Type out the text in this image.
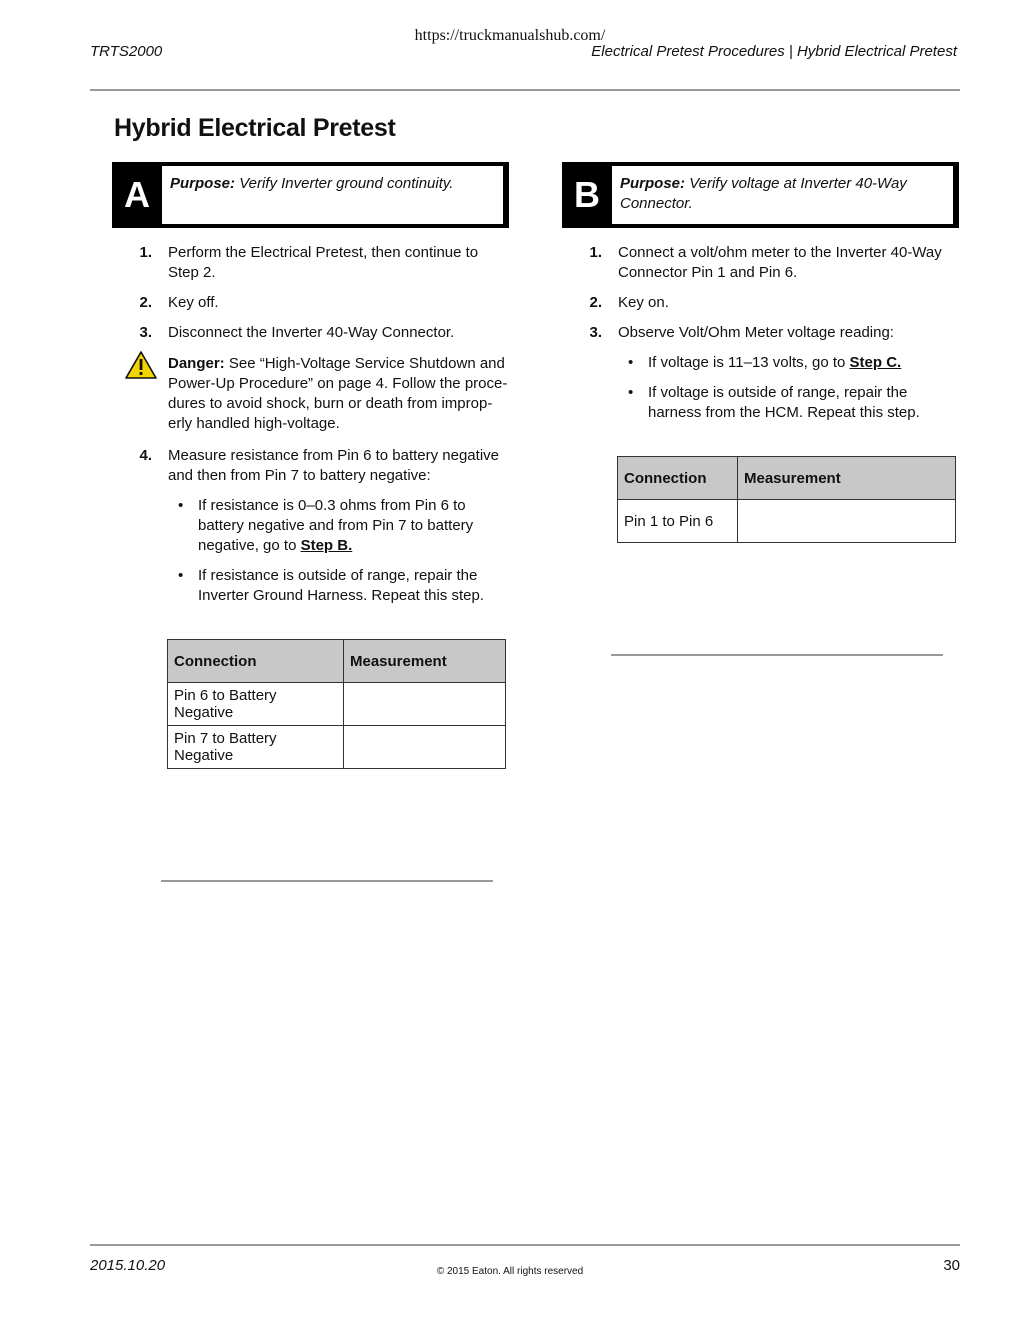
https://truckmanualshub.com/
TRTS2000	Electrical Pretest Procedures | Hybrid Electrical Pretest
Hybrid Electrical Pretest
A	Purpose: Verify Inverter ground continuity.
1. Perform the Electrical Pretest, then continue to
Step 2.
2. Key off.
3. Disconnect the Inverter 40-Way Connector.
Danger: See “High-Voltage Service Shutdown and
Power-Up Procedure” on page 4. Follow the proce-
dures to avoid shock, burn or death from improp-
erly handled high-voltage.
4. Measure resistance from Pin 6 to battery negative
and then from Pin 7 to battery negative:
• If resistance is 0–0.3 ohms from Pin 6 to
battery negative and from Pin 7 to battery
negative, go to Step B.
• If resistance is outside of range, repair the
Inverter Ground Harness. Repeat this step.
Connection	Measurement
Pin 6 to Battery Negative	
Pin 7 to Battery Negative	
B	Purpose: Verify voltage at Inverter 40-Way
Connector.
1. Connect a volt/ohm meter to the Inverter 40-Way
Connector Pin 1 and Pin 6.
2. Key on.
3. Observe Volt/Ohm Meter voltage reading:
• If voltage is 11–13 volts, go to Step C.
• If voltage is outside of range, repair the
harness from the HCM. Repeat this step.
Connection	Measurement
Pin 1 to Pin 6	
2015.10.20	© 2015 Eaton. All rights reserved	30
